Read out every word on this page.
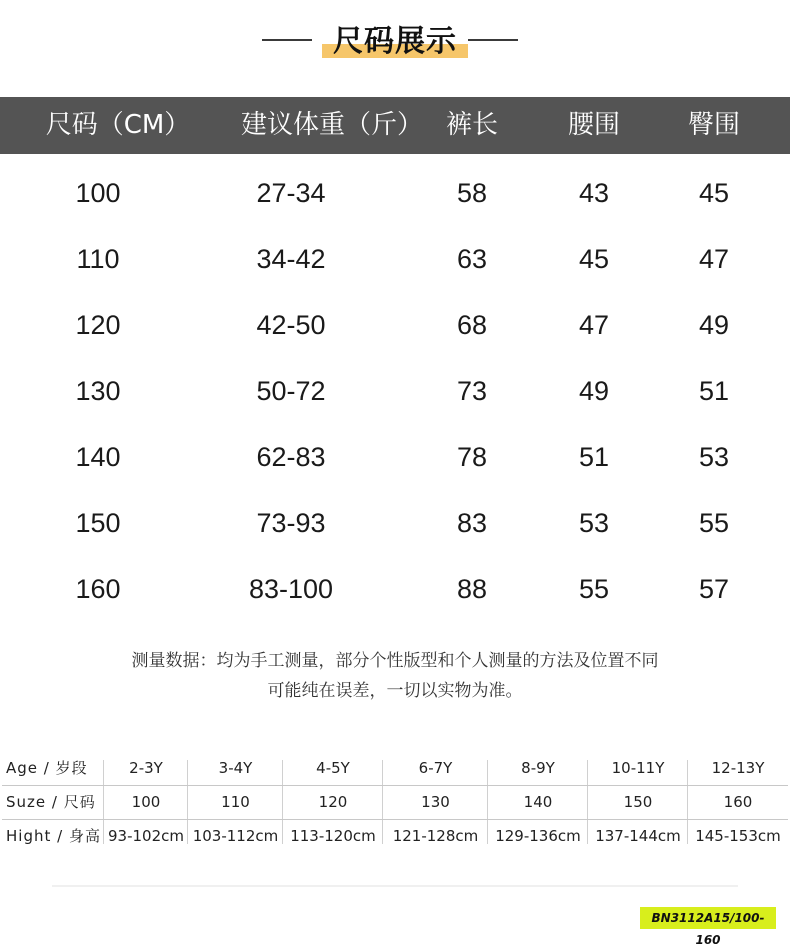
尺码展示
尺码（CM）	建议体重（斤） 裤长	腰围	臀围
100	27-34	58	43	45
110	34-42	63	45	47
120	42-50	68	47	49
130	50-72	73	49	51
140	62-83	78	51	53
150	73-93	83	53	55
160	83-100	88	55	57
测量数据：均为手工测量，部分个性版型和个人测量的方法及位置不同
可能纯在误差，一切以实物为准。
Age / 岁段	2-3Y	3-4Y	4-5Y	6-7Y	8-9Y	10-11Y	12-13Y
Suze / 尺码	100	110	120	130	140	150	160
Hight / 身高 93-102cm 103-112cm 113-120cm	121-128cm	129-136cm 137-144cm 145-153cm
BN3112A15/100-160
